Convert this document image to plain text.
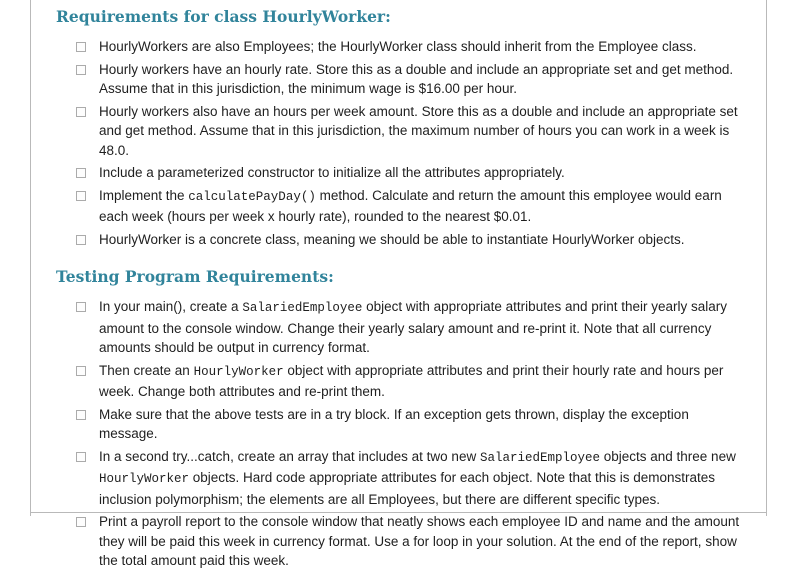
Requirements for class HourlyWorker:
HourlyWorkers are also Employees; the HourlyWorker class should inherit from the Employee class.
Hourly workers have an hourly rate. Store this as a double and include an appropriate set and get method. Assume that in this jurisdiction, the minimum wage is $16.00 per hour.
Hourly workers also have an hours per week amount. Store this as a double and include an appropriate set and get method. Assume that in this jurisdiction, the maximum number of hours you can work in a week is 48.0.
Include a parameterized constructor to initialize all the attributes appropriately.
Implement the calculatePayDay() method. Calculate and return the amount this employee would earn each week (hours per week x hourly rate), rounded to the nearest $0.01.
HourlyWorker is a concrete class, meaning we should be able to instantiate HourlyWorker objects.
Testing Program Requirements:
In your main(), create a SalariedEmployee object with appropriate attributes and print their yearly salary amount to the console window. Change their yearly salary amount and re-print it. Note that all currency amounts should be output in currency format.
Then create an HourlyWorker object with appropriate attributes and print their hourly rate and hours per week. Change both attributes and re-print them.
Make sure that the above tests are in a try block. If an exception gets thrown, display the exception message.
In a second try...catch, create an array that includes at two new SalariedEmployee objects and three new HourlyWorker objects. Hard code appropriate attributes for each object. Note that this is demonstrates inclusion polymorphism; the elements are all Employees, but there are different specific types.
Print a payroll report to the console window that neatly shows each employee ID and name and the amount they will be paid this week in currency format. Use a for loop in your solution. At the end of the report, show the total amount paid this week.
